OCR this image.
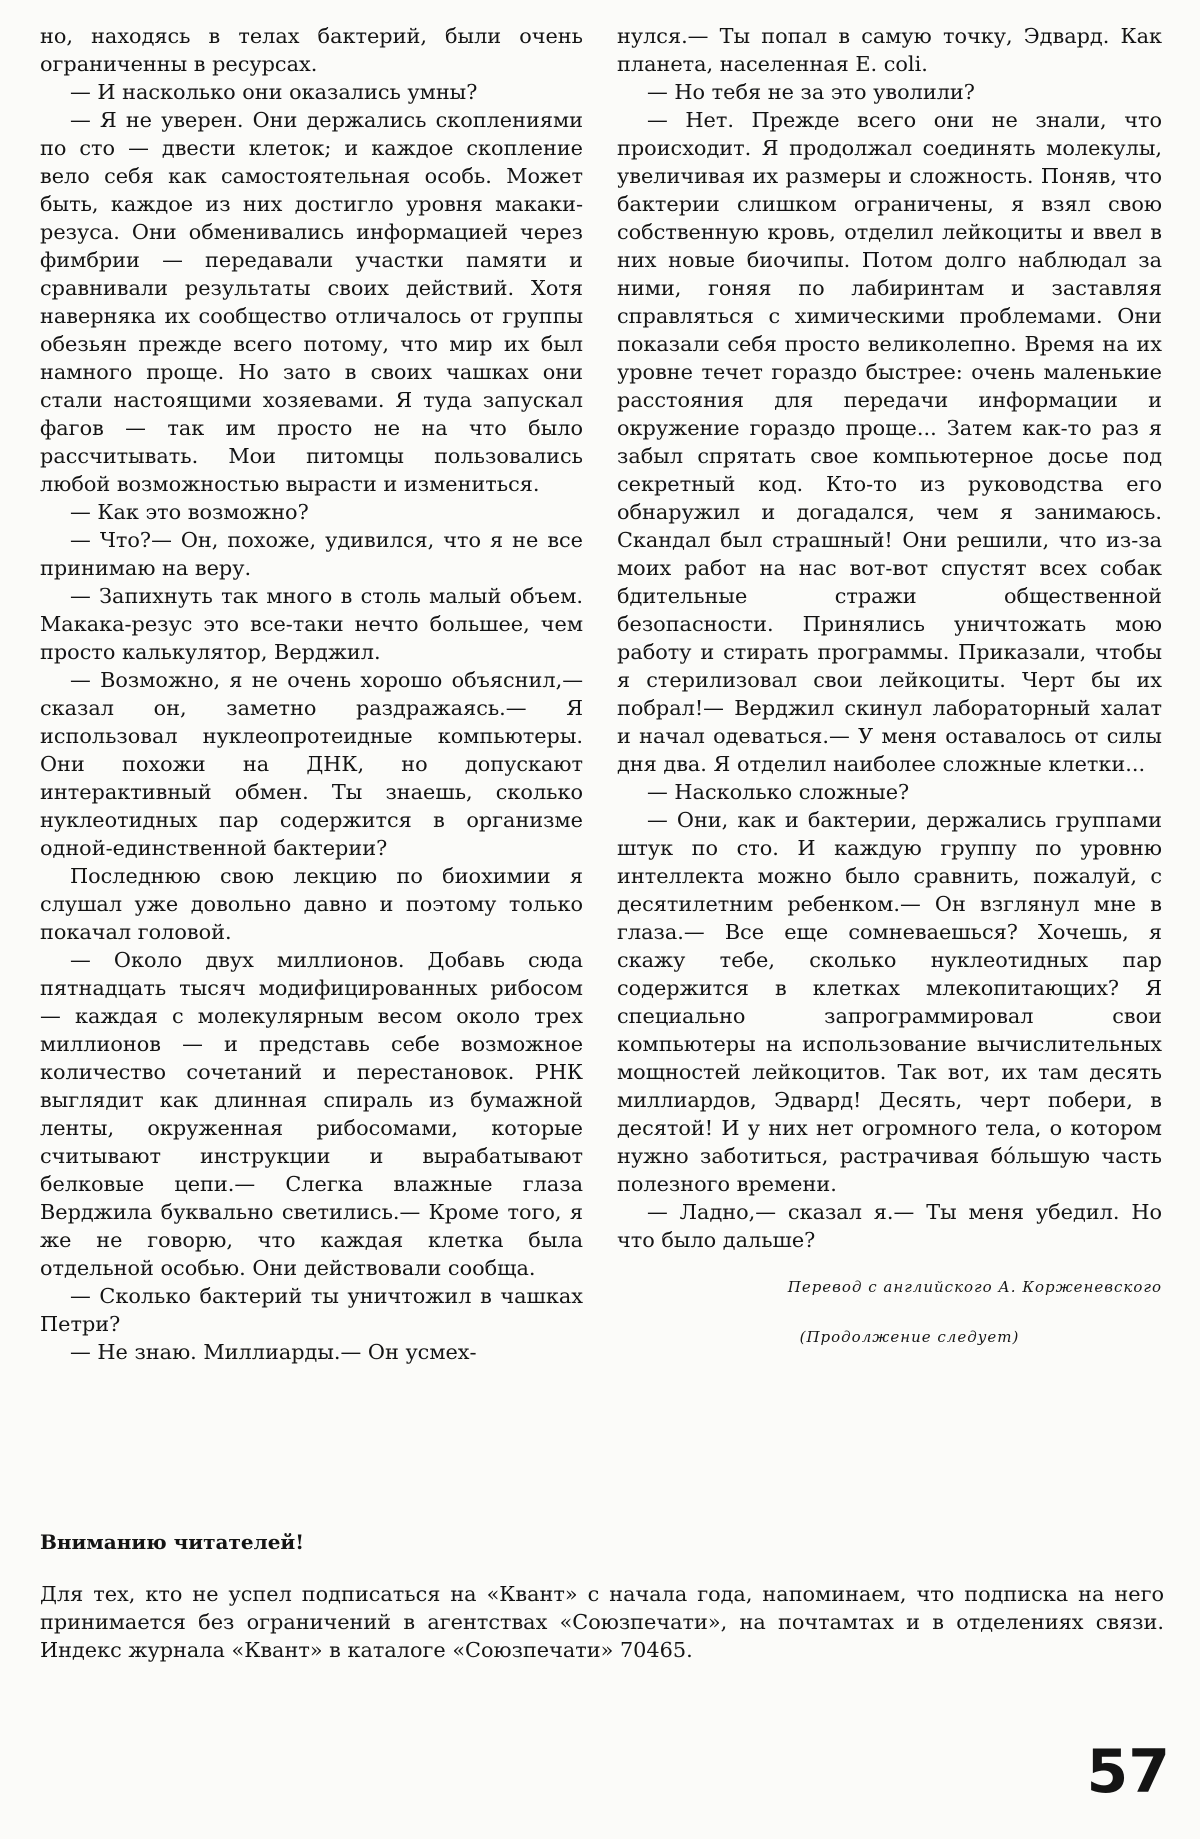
но, находясь в телах бактерий, были очень ограниченны в ресурсах.

— И насколько они оказались умны?

— Я не уверен. Они держались скоплениями по сто — двести клеток; и каждое скопление вело себя как самостоятельная особь. Может быть, каждое из них достигло уровня макаки-резуса. Они обменивались информацией через фимбрии — передавали участки памяти и сравнивали результаты своих действий. Хотя наверняка их сообщество отличалось от группы обезьян прежде всего потому, что мир их был намного проще. Но зато в своих чашках они стали настоящими хозяевами. Я туда запускал фагов — так им просто не на что было рассчитывать. Мои питомцы пользовались любой возможностью вырасти и измениться.

— Как это возможно?

— Что?— Он, похоже, удивился, что я не все принимаю на веру.

— Запихнуть так много в столь малый объем. Макака-резус это все-таки нечто большее, чем просто калькулятор, Верджил.

— Возможно, я не очень хорошо объяснил,— сказал он, заметно раздражаясь.— Я использовал нуклеопротеидные компьютеры. Они похожи на ДНК, но допускают интерактивный обмен. Ты знаешь, сколько нуклеотидных пар содержится в организме одной-единственной бактерии?

Последнюю свою лекцию по биохимии я слушал уже довольно давно и поэтому только покачал головой.

— Около двух миллионов. Добавь сюда пятнадцать тысяч модифицированных рибосом — каждая с молекулярным весом около трех миллионов — и представь себе возможное количество сочетаний и перестановок. РНК выглядит как длинная спираль из бумажной ленты, окруженная рибосомами, которые считывают инструкции и вырабатывают белковые цепи.— Слегка влажные глаза Верджила буквально светились.— Кроме того, я же не говорю, что каждая клетка была отдельной особью. Они действовали сообща.

— Сколько бактерий ты уничтожил в чашках Петри?

— Не знаю. Миллиарды.— Он усмех-

нулся.— Ты попал в самую точку, Эдвард. Как планета, населенная E. coli.

— Но тебя не за это уволили?

— Нет. Прежде всего они не знали, что происходит. Я продолжал соединять молекулы, увеличивая их размеры и сложность. Поняв, что бактерии слишком ограничены, я взял свою собственную кровь, отделил лейкоциты и ввел в них новые биочипы. Потом долго наблюдал за ними, гоняя по лабиринтам и заставляя справляться с химическими проблемами. Они показали себя просто великолепно. Время на их уровне течет гораздо быстрее: очень маленькие расстояния для передачи информации и окружение гораздо проще... Затем как-то раз я забыл спрятать свое компьютерное досье под секретный код. Кто-то из руководства его обнаружил и догадался, чем я занимаюсь. Скандал был страшный! Они решили, что из-за моих работ на нас вот-вот спустят всех собак бдительные стражи общественной безопасности. Принялись уничтожать мою работу и стирать программы. Приказали, чтобы я стерилизовал свои лейкоциты. Черт бы их побрал!— Верджил скинул лабораторный халат и начал одеваться.— У меня оставалось от силы дня два. Я отделил наиболее сложные клетки...

— Насколько сложные?

— Они, как и бактерии, держались группами штук по сто. И каждую группу по уровню интеллекта можно было сравнить, пожалуй, с десятилетним ребенком.— Он взглянул мне в глаза.— Все еще сомневаешься? Хочешь, я скажу тебе, сколько нуклеотидных пар содержится в клетках млекопитающих? Я специально запрограммировал свои компьютеры на использование вычислительных мощностей лейкоцитов. Так вот, их там десять миллиардов, Эдвард! Десять, черт побери, в десятой! И у них нет огромного тела, о котором нужно заботиться, растрачивая бóльшую часть полезного времени.

— Ладно,— сказал я.— Ты меня убедил. Но что было дальше?

Перевод с английского А. Корженевского
(Продолжение следует)
Вниманию читателей!
Для тех, кто не успел подписаться на «Квант» с начала года, напоминаем, что подписка на него принимается без ограничений в агентствах «Союзпечати», на почтамтах и в отделениях связи. Индекс журнала «Квант» в каталоге «Союзпечати» 70465.
57
